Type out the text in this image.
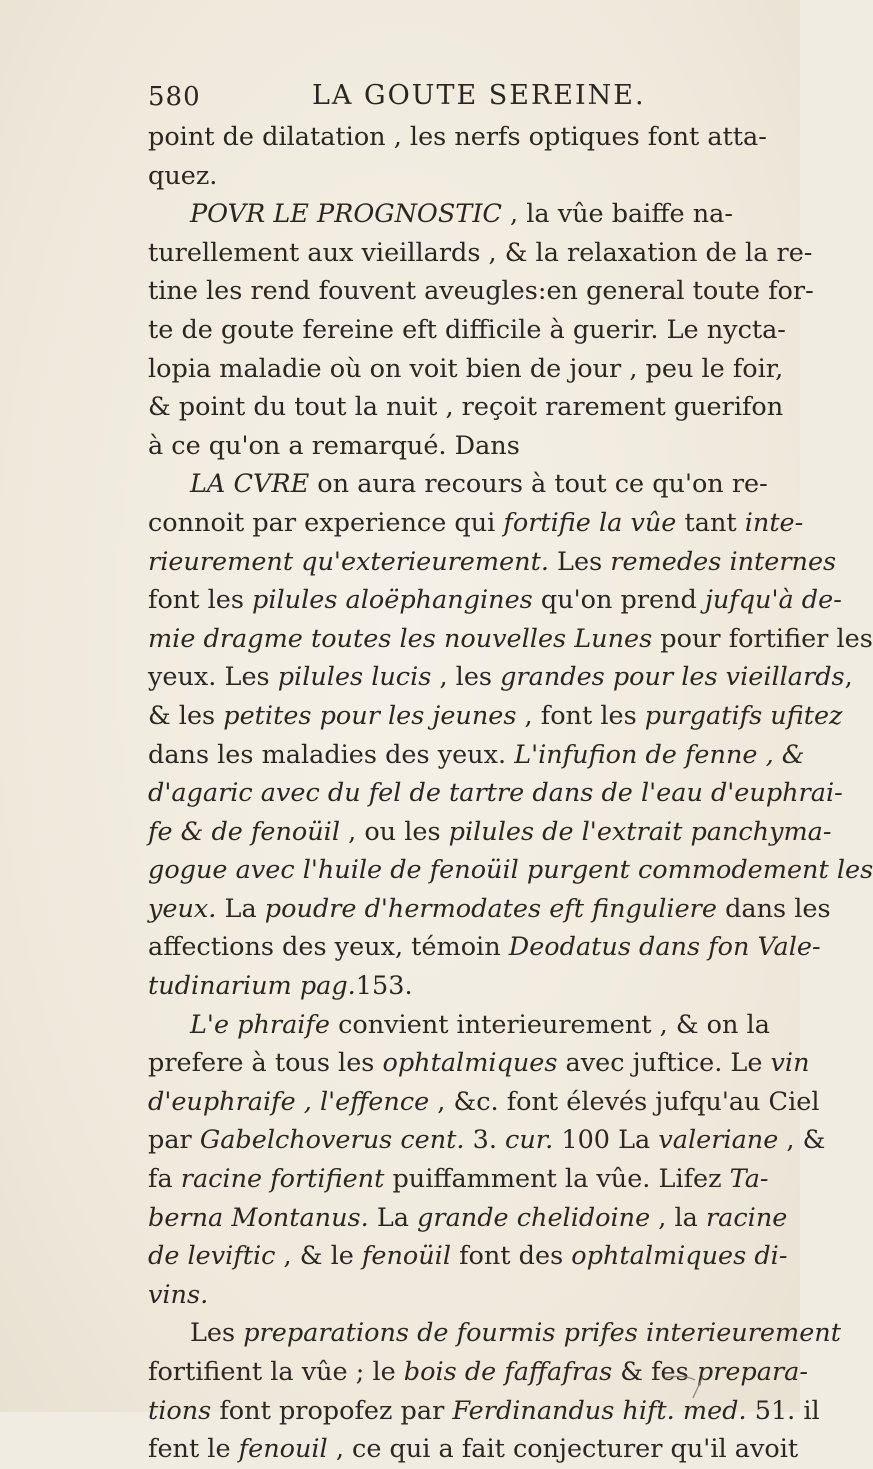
580	LA GOUTE SEREINE.
point de dilatation , les nerfs optiques font atta-
quez.
POVR LE PROGNOSTIC , la vûe baiffe na-
turellement aux vieillards , & la relaxation de la re-
tine les rend fouvent aveugles:en general toute for-
te de goute fereine eft difficile à guerir. Le nycta-
lopia maladie où on voit bien de jour , peu le foir,
& point du tout la nuit , reçoit rarement guerifon
à ce qu'on a remarqué. Dans
LA CVRE on aura recours à tout ce qu'on re-
connoit par experience qui fortifie la vûe tant inte-
rieurement qu'exterieurement. Les remedes internes
font les pilules aloëphangines qu'on prend jufqu'à de-
mie dragme toutes les nouvelles Lunes pour fortifier les
yeux. Les pilules lucis , les grandes pour les vieillards,
& les petites pour les jeunes , font les purgatifs ufitez
dans les maladies des yeux. L'infufion de fenne , &
d'agaric avec du fel de tartre dans de l'eau d'euphrai-
fe & de fenoüil , ou les pilules de l'extrait panchyma-
gogue avec l'huile de fenoüil purgent commodement les
yeux. La poudre d'hermodates eft finguliere dans les
affections des yeux, témoin Deodatus dans fon Vale-
tudinarium pag.153.
L'e phraife convient interieurement , & on la
prefere à tous les ophtalmiques avec juftice. Le vin
d'euphraife , l'effence , &c. font élevés jufqu'au Ciel
par Gabelchoverus cent. 3. cur. 100 La valeriane , &
fa racine fortifient puiffamment la vûe. Lifez Ta-
berna Montanus. La grande chelidoine , la racine
de leviftic , & le fenoüil font des ophtalmiques di-
vins.
Les preparations de fourmis prifes interieurement
fortifient la vûe ; le bois de faffafras & fes prepara-
tions font propofez par Ferdinandus hift. med. 51. il
fent le fenouil , ce qui a fait conjecturer qu'il avoit
